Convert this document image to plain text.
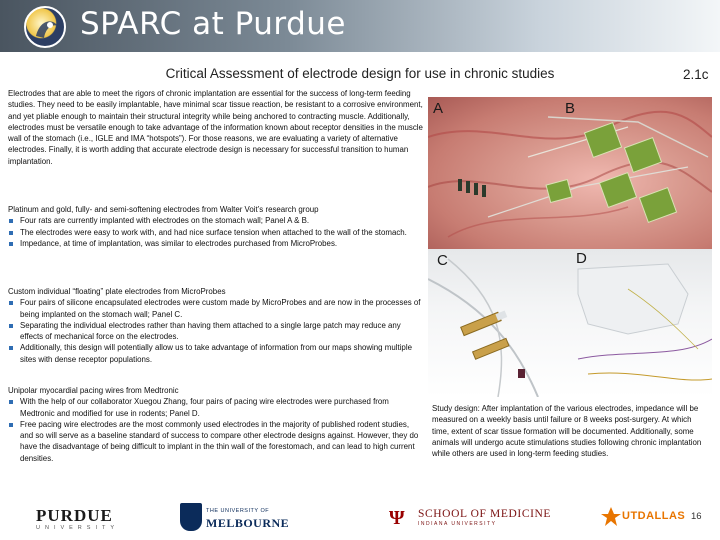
SPARC at Purdue
Critical Assessment of electrode design for use in chronic studies	2.1c
Electrodes that are able to meet the rigors of chronic implantation are essential for the success of long-term feeding studies. They need to be easily implantable, have minimal scar tissue reaction, be resistant to a corrosive environment, and yet pliable enough to maintain their structural integrity while being anchored to contracting muscle. Additionally, electrodes must be versatile enough to take advantage of the information known about receptor densities in the muscle wall of the stomach (i.e., IGLE and IMA “hotspots”). For those reasons, we are evaluating a variety of alternative electrodes. Finally, it is worth adding that accurate electrode design is necessary for successful transition to human implantation.
Platinum and gold, fully- and semi-softening electrodes from Walter Voit’s research group
Four rats are currently implanted with electrodes on the stomach wall; Panel A & B.
The electrodes were easy to work with, and had nice surface tension when attached to the wall of the stomach.
Impedance, at time of implantation, was similar to electrodes purchased from MicroProbes.
Custom individual “floating” plate electrodes from MicroProbes
Four pairs of silicone encapsulated electrodes were custom made by MicroProbes and are now in the processes of being implanted on the stomach wall; Panel C.
Separating the individual electrodes rather than having them attached to a single large patch may reduce any effects of mechanical force on the electrodes.
Additionally, this design will potentially allow us to take advantage of information from our maps showing multiple sites with dense receptor populations.
Unipolar myocardial pacing wires from Medtronic
With the help of our collaborator Xuegou Zhang, four pairs of pacing wire electrodes were purchased from Medtronic and modified for use in rodents; Panel D.
Free pacing wire electrodes are the most commonly used electrodes in the majority of published rodent studies, and so will serve as a baseline standard of success to compare other electrode designs against. However, they do have the disadvantage of being difficult to implant in the thin wall of the forestomach, and can lead to high current densities.
A	B
C	D
Study design: After implantation of the various electrodes, impedance will be measured on a weekly basis until failure or 8 weeks post-surgery. At which time, extent of scar tissue formation will be documented. Additionally, some animals will undergo acute stimulations studies following chronic implantation while others are used in long-term feeding studies.
PURDUE
UNIVERSITY
THE UNIVERSITY OF
MELBOURNE	Ψ SCHOOL OF MEDICINE
INDIANA UNIVERSITY
UTDALLAS 16
